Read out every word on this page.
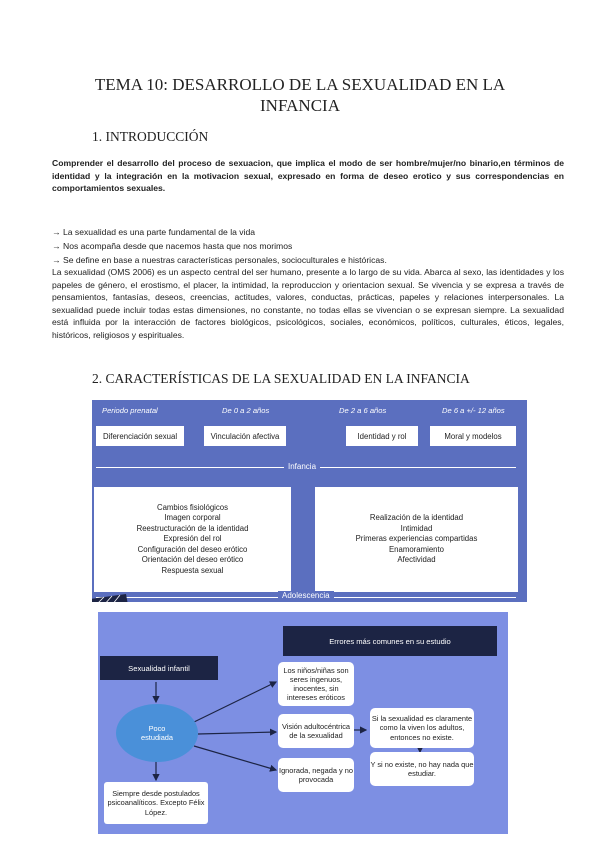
TEMA 10: DESARROLLO DE LA SEXUALIDAD EN LA INFANCIA
1. INTRODUCCIÓN
Comprender el desarrollo del proceso de sexuacion, que implica el modo de ser hombre/mujer/no binario,en términos de identidad y la integración en la motivacion sexual, expresado en forma de deseo erotico y sus correspondencias en comportamientos sexuales.
→ La sexualidad es una parte fundamental de la vida
→ Nos acompaña desde que nacemos hasta que nos morimos
→ Se define en base a nuestras características personales, socioculturales e históricas.
La sexualidad (OMS 2006) es un aspecto central del ser humano, presente a lo largo de su vida. Abarca al sexo, las identidades y los papeles de género, el erostismo, el placer, la intimidad, la reproduccion y orientacion sexual. Se vivencia y se expresa a través de pensamientos, fantasías, deseos, creencias, actitudes, valores, conductas, prácticas, papeles y relaciones interpersonales. La sexualidad puede incluir todas estas dimensiones, no constante, no todas ellas se vivencian o se expresan siempre. La sexualidad está influida por la interacción de factores biológicos, psicológicos, sociales, económicos, políticos, culturales, éticos, legales, históricos, religiosos y espirituales.
2. CARACTERÍSTICAS DE LA SEXUALIDAD EN LA INFANCIA
Periodo prenatal	De 0 a 2 años	De 2 a 6 años	De 6 a +/- 12 años
Diferenciación sexual	Vinculación afectiva	Identidad y rol	Moral y modelos
Infancia
Cambios fisiológicos
Imagen corporal
Reestructuración de la identidad
Expresión del rol
Configuración del deseo erótico
Orientación del deseo erótico
Respuesta sexual
Realización de la identidad
Intimidad
Primeras experiencias compartidas
Enamoramiento
Afectividad
Adolescencia
Errores más comunes en su estudio
Sexualidad infantil
Poco estudiada
Los niños/niñas son seres ingenuos, inocentes, sin intereses eróticos
Visión adultocéntrica de la sexualidad
Ignorada, negada y no provocada
Si la sexualidad es claramente como la viven los adultos, entonces no existe.
Y si no existe, no hay nada que estudiar.
Siempre desde postulados psicoanalíticos. Excepto Félix López.
